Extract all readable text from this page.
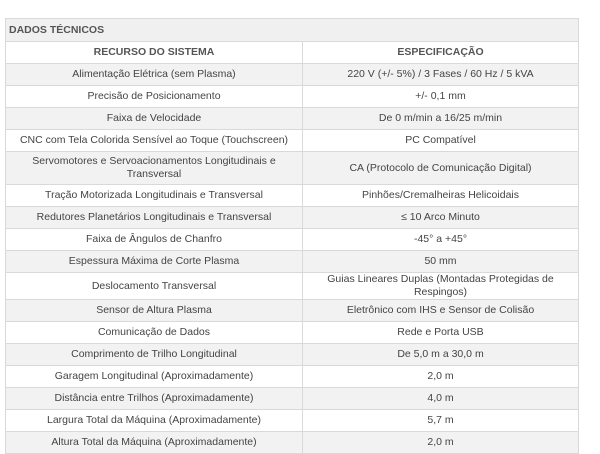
DADOS TÉCNICOS	
RECURSO DO SISTEMA	ESPECIFICAÇÃO
Alimentação Elétrica (sem Plasma)	220 V (+/- 5%) / 3 Fases / 60 Hz / 5 kVA
Precisão de Posicionamento	+/- 0,1 mm
Faixa de Velocidade	De 0 m/min a 16/25 m/min
CNC com Tela Colorida Sensível ao Toque (Touchscreen)	PC Compatível
Servomotores e Servoacionamentos Longitudinais e Transversal	CA (Protocolo de Comunicação Digital)
Tração Motorizada Longitudinais e Transversal	Pinhões/Cremalheiras Helicoidais
Redutores Planetários Longitudinais e Transversal	≤ 10 Arco Minuto
Faixa de Ângulos de Chanfro	-45° a +45°
Espessura Máxima de Corte Plasma	50 mm
Deslocamento Transversal	Guias Lineares Duplas (Montadas Protegidas de Respingos)
Sensor de Altura Plasma	Eletrônico com IHS e Sensor de Colisão
Comunicação de Dados	Rede e Porta USB
Comprimento de Trilho Longitudinal	De 5,0 m a 30,0 m
Garagem Longitudinal (Aproximadamente)	2,0 m
Distância entre Trilhos (Aproximadamente)	4,0 m
Largura Total da Máquina (Aproximadamente)	5,7 m
Altura Total da Máquina (Aproximadamente)	2,0 m
